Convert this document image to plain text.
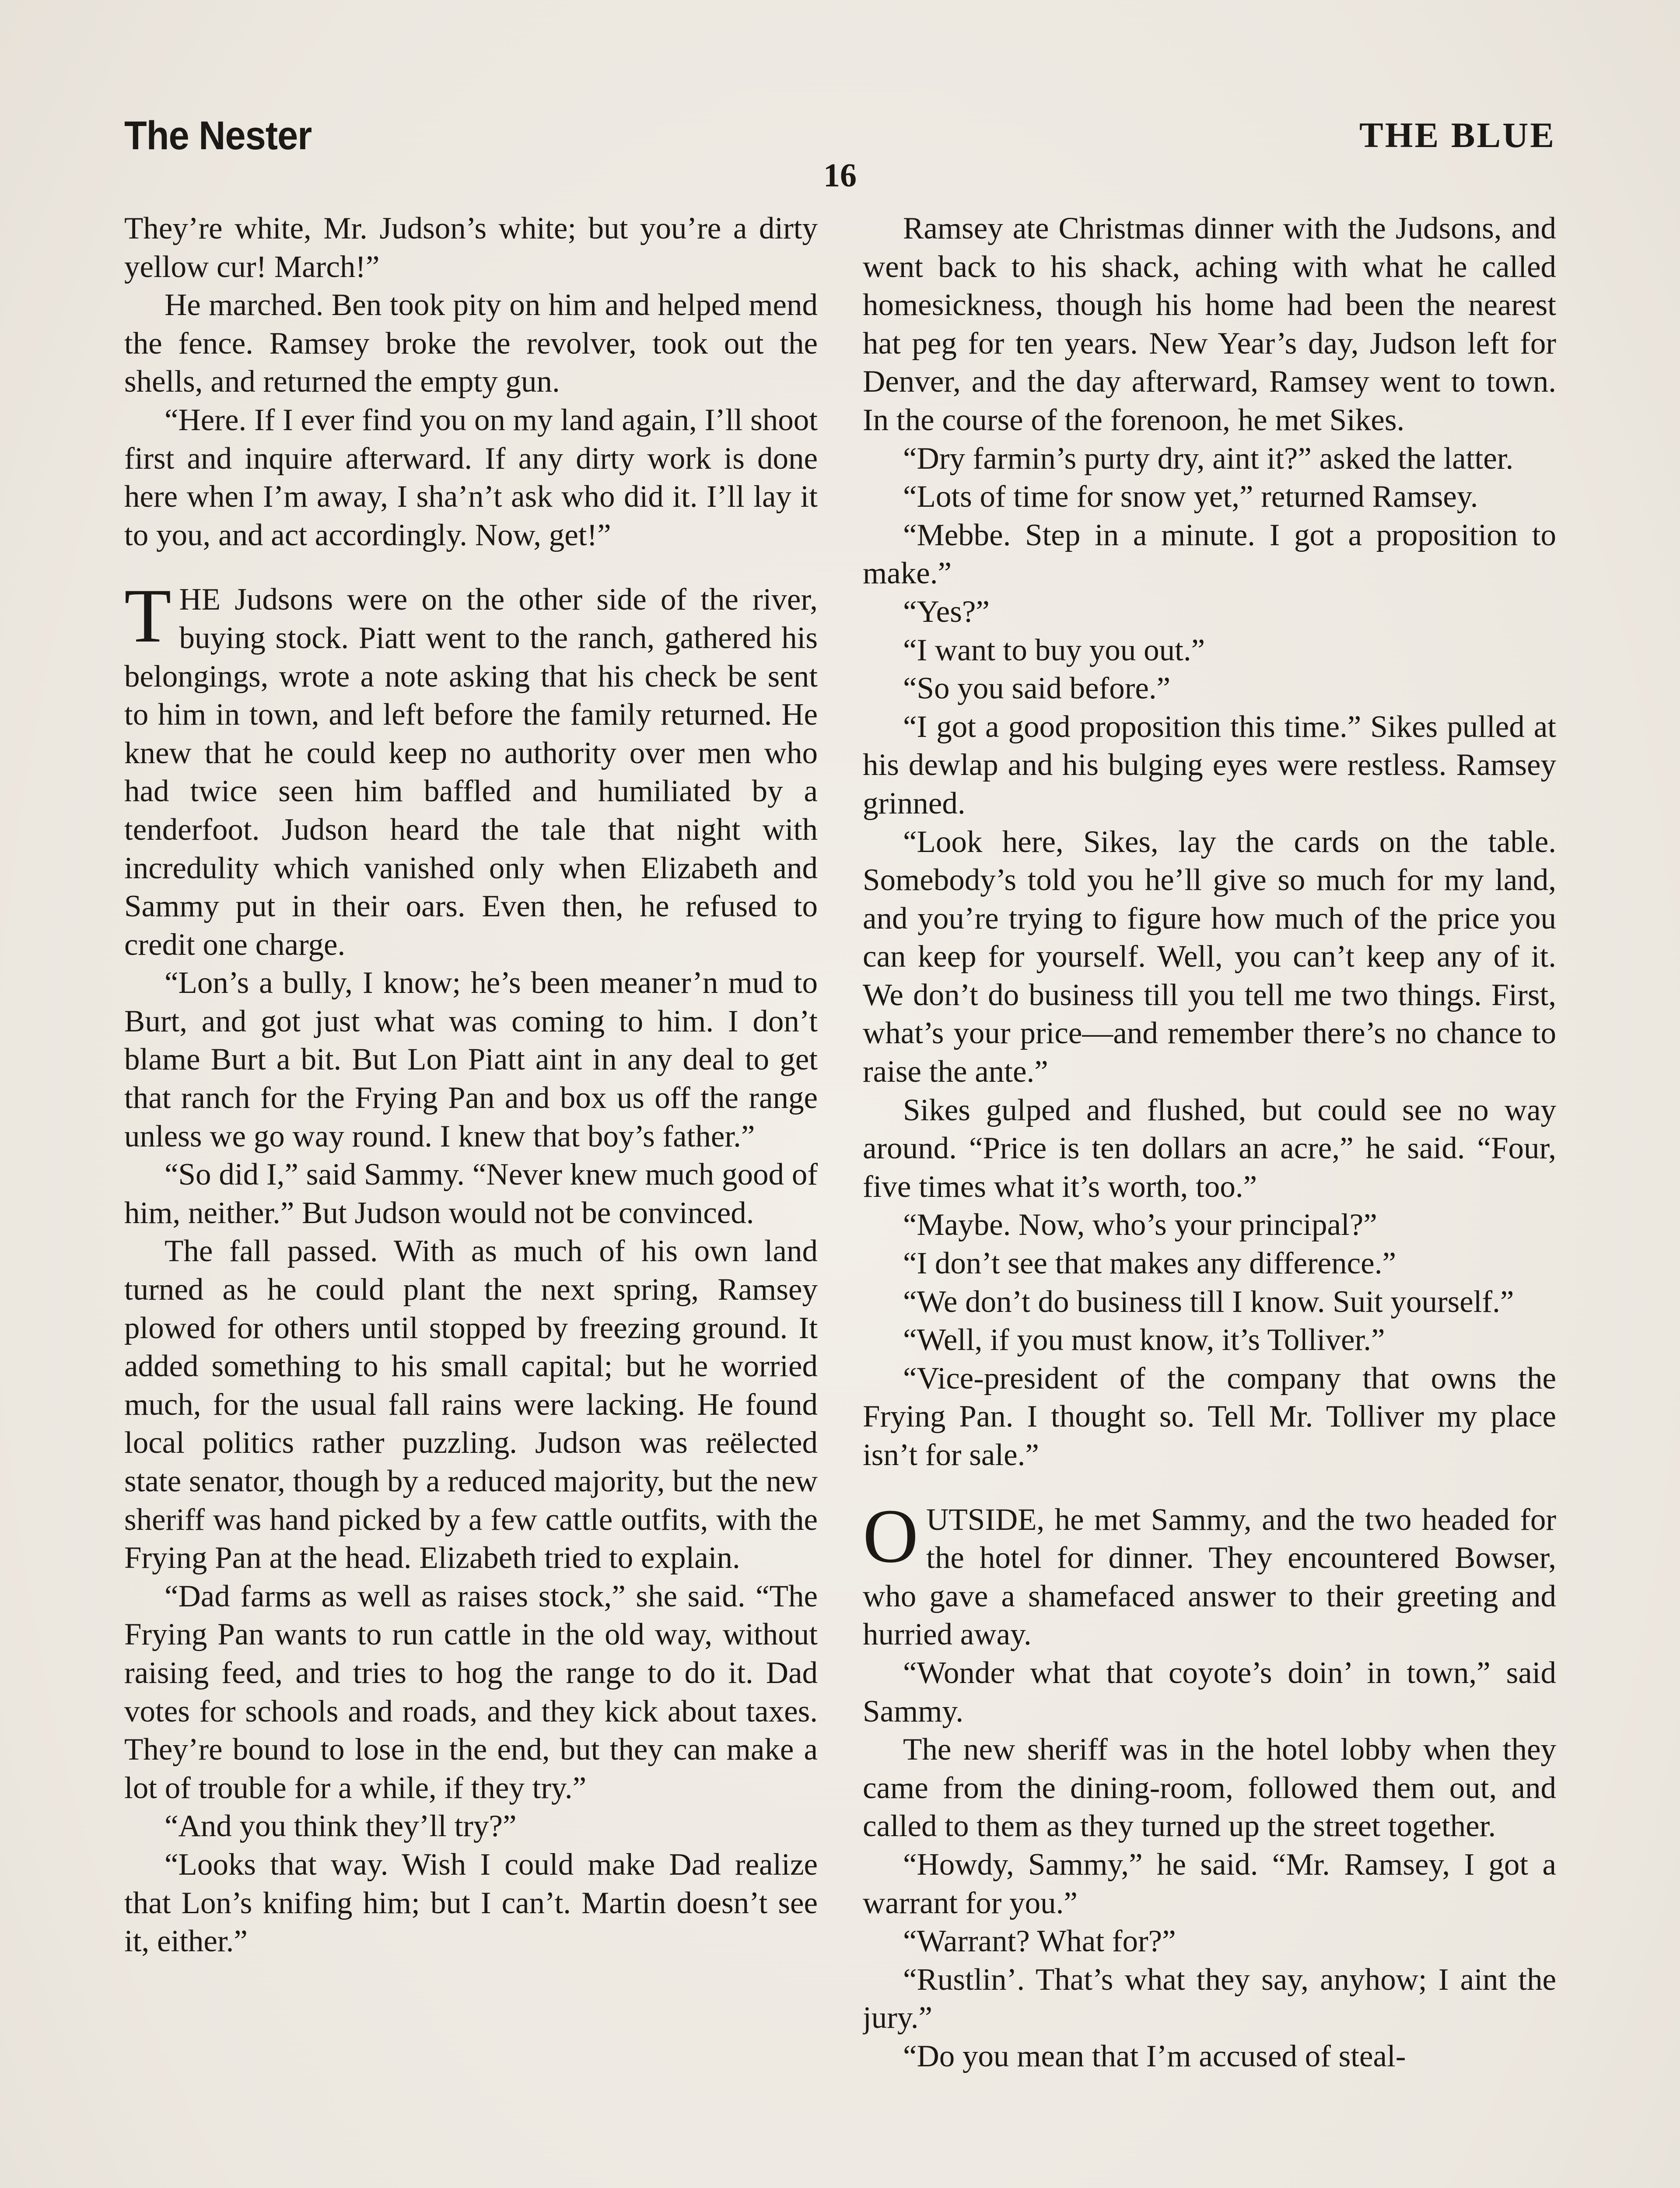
The Nester	THE BLUE
16

They’re white, Mr. Judson’s white; but you’re a dirty yellow cur! March!”

He marched. Ben took pity on him and helped mend the fence. Ramsey broke the revolver, took out the shells, and returned the empty gun.

“Here. If I ever find you on my land again, I’ll shoot first and inquire afterward. If any dirty work is done here when I’m away, I sha’n’t ask who did it. I’ll lay it to you, and act accordingly. Now, get!”

THE Judsons were on the other side of the river, buying stock. Piatt went to the ranch, gathered his belongings, wrote a note asking that his check be sent to him in town, and left before the family returned. He knew that he could keep no authority over men who had twice seen him baffled and humiliated by a tenderfoot. Judson heard the tale that night with incredulity which vanished only when Elizabeth and Sammy put in their oars. Even then, he refused to credit one charge.

“Lon’s a bully, I know; he’s been meaner’n mud to Burt, and got just what was coming to him. I don’t blame Burt a bit. But Lon Piatt aint in any deal to get that ranch for the Frying Pan and box us off the range unless we go way round. I knew that boy’s father.”

“So did I,” said Sammy. “Never knew much good of him, neither.” But Judson would not be convinced.

The fall passed. With as much of his own land turned as he could plant the next spring, Ramsey plowed for others until stopped by freezing ground. It added something to his small capital; but he worried much, for the usual fall rains were lacking. He found local politics rather puzzling. Judson was reëlected state senator, though by a reduced majority, but the new sheriff was hand picked by a few cattle outfits, with the Frying Pan at the head. Elizabeth tried to explain.

“Dad farms as well as raises stock,” she said. “The Frying Pan wants to run cattle in the old way, without raising feed, and tries to hog the range to do it. Dad votes for schools and roads, and they kick about taxes. They’re bound to lose in the end, but they can make a lot of trouble for a while, if they try.”

“And you think they’ll try?”

“Looks that way. Wish I could make Dad realize that Lon’s knifing him; but I can’t. Martin doesn’t see it, either.”

Ramsey ate Christmas dinner with the Judsons, and went back to his shack, aching with what he called homesickness, though his home had been the nearest hat peg for ten years. New Year’s day, Judson left for Denver, and the day afterward, Ramsey went to town. In the course of the forenoon, he met Sikes.

“Dry farmin’s purty dry, aint it?” asked the latter.

“Lots of time for snow yet,” returned Ramsey.

“Mebbe. Step in a minute. I got a proposition to make.”

“Yes?”

“I want to buy you out.”

“So you said before.”

“I got a good proposition this time.” Sikes pulled at his dewlap and his bulging eyes were restless. Ramsey grinned.

“Look here, Sikes, lay the cards on the table. Somebody’s told you he’ll give so much for my land, and you’re trying to figure how much of the price you can keep for yourself. Well, you can’t keep any of it. We don’t do business till you tell me two things. First, what’s your price—and remember there’s no chance to raise the ante.”

Sikes gulped and flushed, but could see no way around. “Price is ten dollars an acre,” he said. “Four, five times what it’s worth, too.”

“Maybe. Now, who’s your principal?”

“I don’t see that makes any difference.”

“We don’t do business till I know. Suit yourself.”

“Well, if you must know, it’s Tolliver.”

“Vice-president of the company that owns the Frying Pan. I thought so. Tell Mr. Tolliver my place isn’t for sale.”

OUTSIDE, he met Sammy, and the two headed for the hotel for dinner. They encountered Bowser, who gave a shamefaced answer to their greeting and hurried away.

“Wonder what that coyote’s doin’ in town,” said Sammy.

The new sheriff was in the hotel lobby when they came from the dining-room, followed them out, and called to them as they turned up the street together.

“Howdy, Sammy,” he said. “Mr. Ramsey, I got a warrant for you.”

“Warrant? What for?”

“Rustlin’. That’s what they say, anyhow; I aint the jury.”

“Do you mean that I’m accused of steal-
